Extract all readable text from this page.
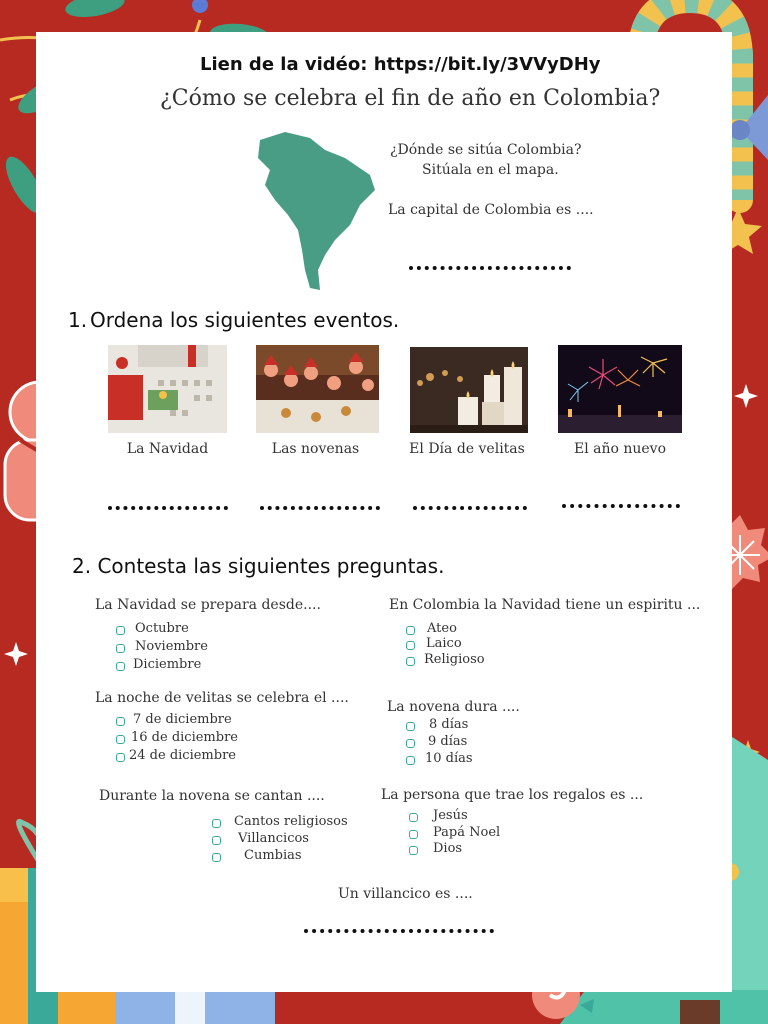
Lien de la vidéo: https://bit.ly/3VVyDHy
¿Cómo se celebra el fin de año en Colombia?
¿Dónde se sitúa Colombia?
Sitúala en el mapa.
La capital de Colombia es ....
1. Ordena los siguientes eventos.
La Navidad	Las novenas	El Día de velitas	El año nuevo
2. Contesta las siguientes preguntas.
La Navidad se prepara desde....
Octubre
Noviembre
Diciembre
En Colombia la Navidad tiene un espiritu ...
Ateo
Laico
Religioso
La noche de velitas se celebra el ....
7 de diciembre
16 de diciembre
24 de diciembre
La novena dura ....
8 días
9 días
10 días
Durante la novena se cantan ....
Cantos religiosos
Villancicos
Cumbias
La persona que trae los regalos es ...
Jesús
Papá Noel
Dios
Un villancico es ....
